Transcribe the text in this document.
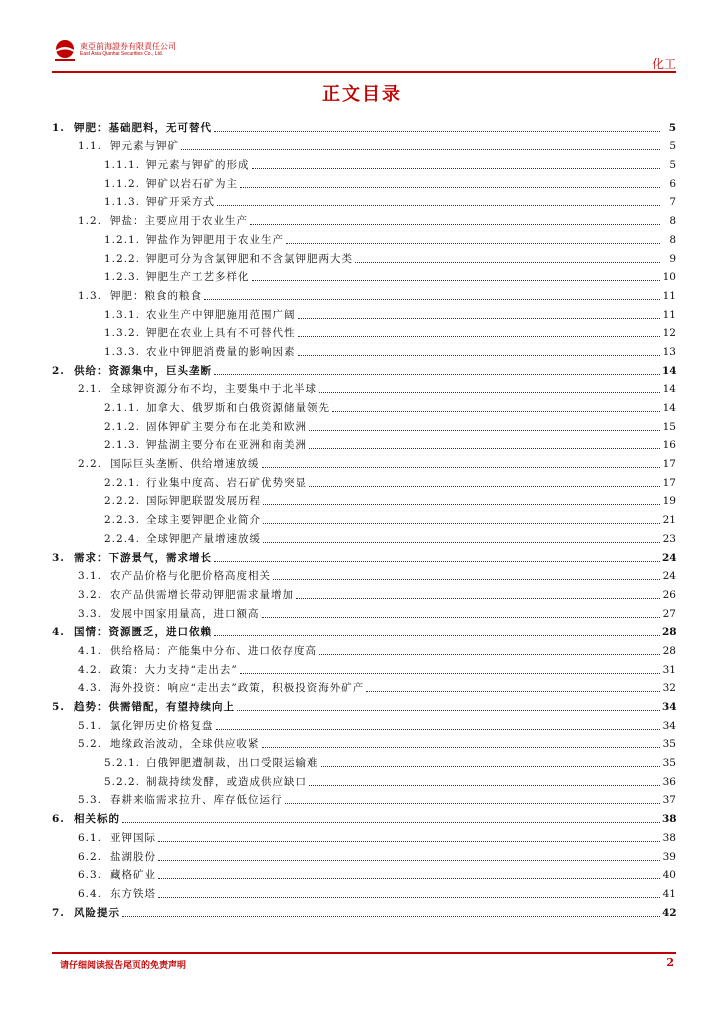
東亞前海證券有限責任公司
East Asia Qianhai Securities Co., Ltd.
化工
正文目录
1. 钾肥：基础肥料，无可替代	5
1.1. 钾元素与钾矿	5
1.1.1. 钾元素与钾矿的形成	5
1.1.2. 钾矿以岩石矿为主	6
1.1.3. 钾矿开采方式	7
1.2. 钾盐：主要应用于农业生产	8
1.2.1. 钾盐作为钾肥用于农业生产	8
1.2.2. 钾肥可分为含氯钾肥和不含氯钾肥两大类	9
1.2.3. 钾肥生产工艺多样化	10
1.3. 钾肥：粮食的粮食	11
1.3.1. 农业生产中钾肥施用范围广阔	11
1.3.2. 钾肥在农业上具有不可替代性	12
1.3.3. 农业中钾肥消费量的影响因素	13
2. 供给：资源集中，巨头垄断	14
2.1. 全球钾资源分布不均，主要集中于北半球	14
2.1.1. 加拿大、俄罗斯和白俄资源储量领先	14
2.1.2. 固体钾矿主要分布在北美和欧洲	15
2.1.3. 钾盐湖主要分布在亚洲和南美洲	16
2.2. 国际巨头垄断、供给增速放缓	17
2.2.1. 行业集中度高、岩石矿优势突显	17
2.2.2. 国际钾肥联盟发展历程	19
2.2.3. 全球主要钾肥企业简介	21
2.2.4. 全球钾肥产量增速放缓	23
3. 需求：下游景气，需求增长	24
3.1. 农产品价格与化肥价格高度相关	24
3.2. 农产品供需增长带动钾肥需求量增加	26
3.3. 发展中国家用量高，进口额高	27
4. 国情：资源匮乏，进口依赖	28
4.1. 供给格局：产能集中分布、进口依存度高	28
4.2. 政策：大力支持“走出去”	31
4.3. 海外投资：响应“走出去”政策，积极投资海外矿产	32
5. 趋势：供需错配，有望持续向上	34
5.1. 氯化钾历史价格复盘	34
5.2. 地缘政治波动，全球供应收紧	35
5.2.1. 白俄钾肥遭制裁，出口受限运输难	35
5.2.2. 制裁持续发酵，或造成供应缺口	36
5.3. 春耕来临需求拉升、库存低位运行	37
6. 相关标的	38
6.1. 亚钾国际	38
6.2. 盐湖股份	39
6.3. 藏格矿业	40
6.4. 东方铁塔	41
7. 风险提示	42
请仔细阅读报告尾页的免责声明	2
